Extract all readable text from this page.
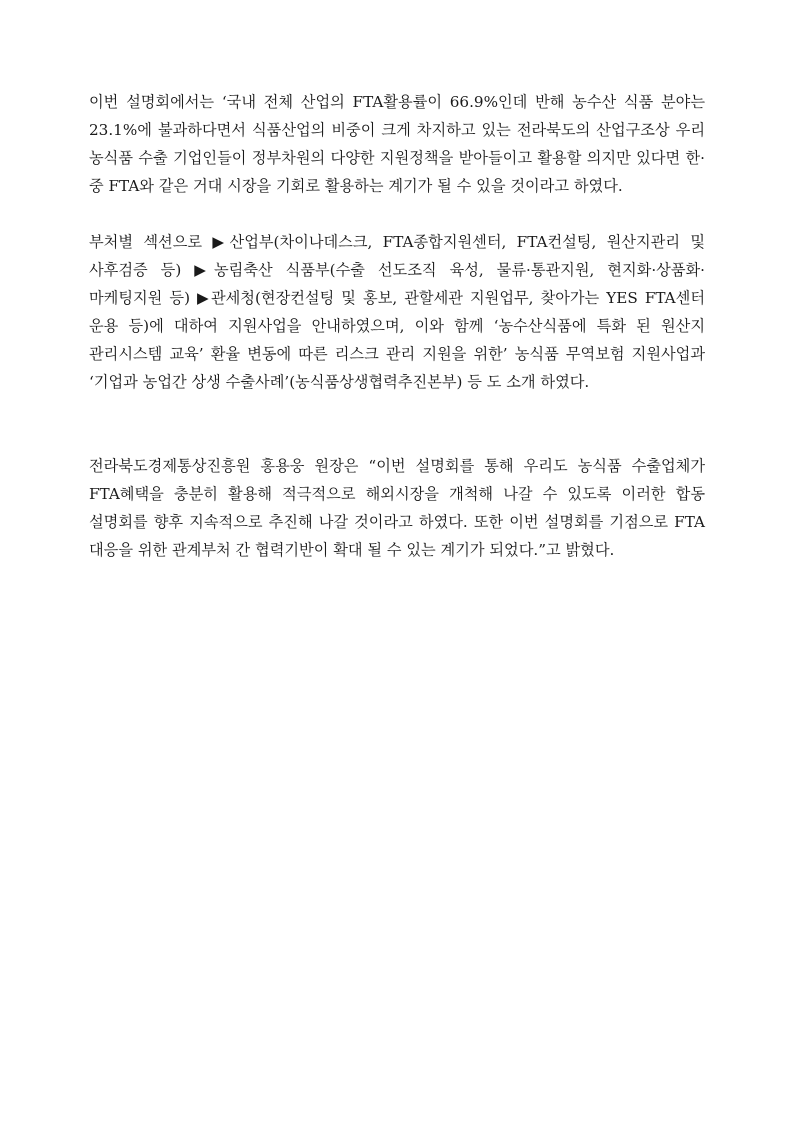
이번 설명회에서는 ‘국내 전체 산업의 FTA활용률이 66.9%인데 반해 농수산 식품 분야는 23.1%에 불과하다면서 식품산업의 비중이 크게 차지하고 있는 전라북도의 산업구조상 우리 농식품 수출 기업인들이 정부차원의 다양한 지원정책을 받아들이고 활용할 의지만 있다면 한·중 FTA와 같은 거대 시장을 기회로 활용하는 계기가 될 수 있을 것이라고 하였다.

부처별 섹션으로 ▶산업부(차이나데스크, FTA종합지원센터, FTA컨설팅, 원산지관리 및 사후검증 등) ▶농림축산 식품부(수출 선도조직 육성, 물류·통관지원, 현지화·상품화·마케팅지원 등) ▶관세청(현장컨설팅 및 홍보, 관할세관 지원업무, 찾아가는 YES FTA센터 운용 등)에 대하여 지원사업을 안내하였으며, 이와 함께 ‘농수산식품에 특화 된 원산지 관리시스템 교육’ 환율 변동에 따른 리스크 관리 지원을 위한’ 농식품 무역보험 지원사업과 ‘기업과 농업간 상생 수출사례’(농식품상생협력추진본부) 등 도 소개 하였다.

전라북도경제통상진흥원 홍용웅 원장은 “이번 설명회를 통해 우리도 농식품 수출업체가 FTA혜택을 충분히 활용해 적극적으로 해외시장을 개척해 나갈 수 있도록 이러한 합동 설명회를 향후 지속적으로 추진해 나갈 것이라고 하였다. 또한 이번 설명회를 기점으로 FTA 대응을 위한 관계부처 간 협력기반이 확대 될 수 있는 계기가 되었다.”고 밝혔다.
